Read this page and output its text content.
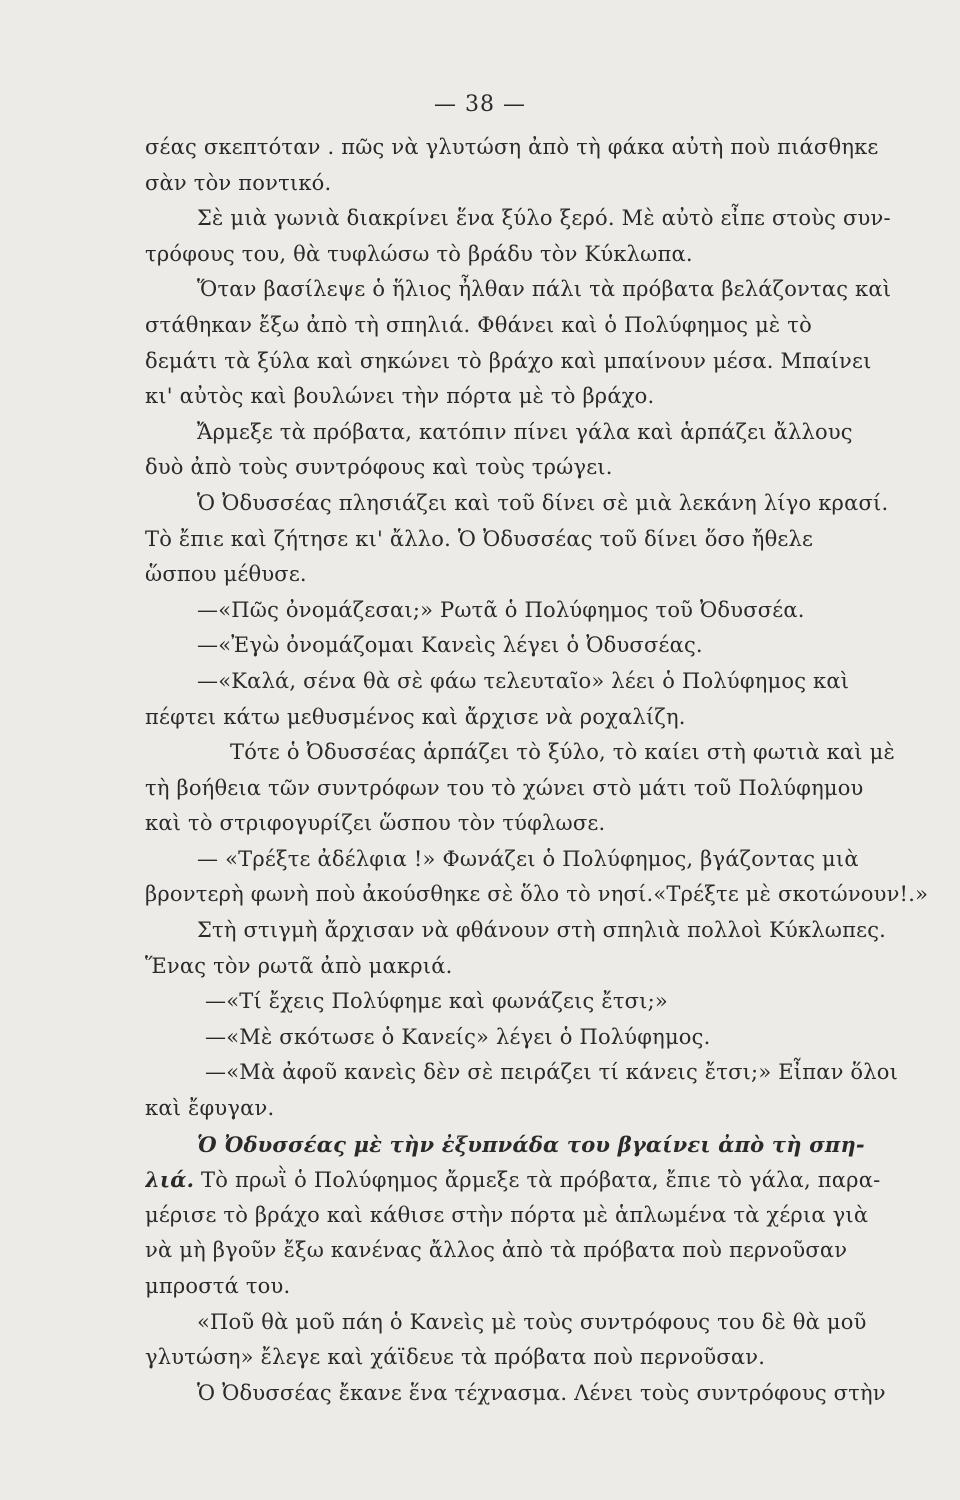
— 38 —
σέας σκεπτόταν . πῶς νὰ γλυτώση ἀπὸ τὴ φάκα αὐτὴ ποὺ πιάσθηκε
σὰν τὸν ποντικό.
Σὲ μιὰ γωνιὰ διακρίνει ἕνα ξύλο ξερό. Μὲ αὐτὸ εἶπε στοὺς συν-
τρόφους του, θὰ τυφλώσω τὸ βράδυ τὸν Κύκλωπα.
Ὅταν βασίλεψε ὁ ἥλιος ἦλθαν πάλι τὰ πρόβατα βελάζοντας καὶ
στάθηκαν ἔξω ἀπὸ τὴ σπηλιά. Φθάνει καὶ ὁ Πολύφημος μὲ τὸ
δεμάτι τὰ ξύλα καὶ σηκώνει τὸ βράχο καὶ μπαίνουν μέσα. Μπαίνει
κι' αὐτὸς καὶ βουλώνει τὴν πόρτα μὲ τὸ βράχο.
Ἄρμεξε τὰ πρόβατα, κατόπιν πίνει γάλα καὶ ἁρπάζει ἄλλους
δυὸ ἀπὸ τοὺς συντρόφους καὶ τοὺς τρώγει.
Ὁ Ὀδυσσέας πλησιάζει καὶ τοῦ δίνει σὲ μιὰ λεκάνη λίγο κρασί.
Τὸ ἔπιε καὶ ζήτησε κι' ἄλλο. Ὁ Ὀδυσσέας τοῦ δίνει ὅσο ἤθελε
ὥσπου μέθυσε.
—«Πῶς ὀνομάζεσαι;» Ρωτᾶ ὁ Πολύφημος τοῦ Ὀδυσσέα.
—«Ἐγὼ ὀνομάζομαι Κανεὶς λέγει ὁ Ὀδυσσέας.
—«Καλά, σένα θὰ σὲ φάω τελευταῖο» λέει ὁ Πολύφημος καὶ
πέφτει κάτω μεθυσμένος καὶ ἄρχισε νὰ ροχαλίζη.
Τότε ὁ Ὀδυσσέας ἁρπάζει τὸ ξύλο, τὸ καίει στὴ φωτιὰ καὶ μὲ
τὴ βοήθεια τῶν συντρόφων του τὸ χώνει στὸ μάτι τοῦ Πολύφημου
καὶ τὸ στριφογυρίζει ὥσπου τὸν τύφλωσε.
— «Τρέξτε ἀδέλφια !» Φωνάζει ὁ Πολύφημος, βγάζοντας μιὰ
βροντερὴ φωνὴ ποὺ ἀκούσθηκε σὲ ὅλο τὸ νησί.«Τρέξτε μὲ σκοτώνουν!.»
Στὴ στιγμὴ ἄρχισαν νὰ φθάνουν στὴ σπηλιὰ πολλοὶ Κύκλωπες.
Ἕνας τὸν ρωτᾶ ἀπὸ μακριά.
—«Τί ἔχεις Πολύφημε καὶ φωνάζεις ἔτσι;»
—«Μὲ σκότωσε ὁ Κανείς» λέγει ὁ Πολύφημος.
—«Μὰ ἀφοῦ κανεὶς δὲν σὲ πειράζει τί κάνεις ἔτσι;» Εἶπαν ὅλοι
καὶ ἔφυγαν.
Ὁ Ὀδυσσέας μὲ τὴν ἐξυπνάδα του βγαίνει ἀπὸ τὴ σπη-
λιά. Τὸ πρωῒ ὁ Πολύφημος ἄρμεξε τὰ πρόβατα, ἔπιε τὸ γάλα, παρα-
μέρισε τὸ βράχο καὶ κάθισε στὴν πόρτα μὲ ἁπλωμένα τὰ χέρια γιὰ
νὰ μὴ βγοῦν ἔξω κανένας ἄλλος ἀπὸ τὰ πρόβατα ποὺ περνοῦσαν
μπροστά του.
«Ποῦ θὰ μοῦ πάη ὁ Κανεὶς μὲ τοὺς συντρόφους του δὲ θὰ μοῦ
γλυτώση» ἔλεγε καὶ χάϊδευε τὰ πρόβατα ποὺ περνοῦσαν.
Ὁ Ὀδυσσέας ἔκανε ἕνα τέχνασμα. Λένει τοὺς συντρόφους στὴν
